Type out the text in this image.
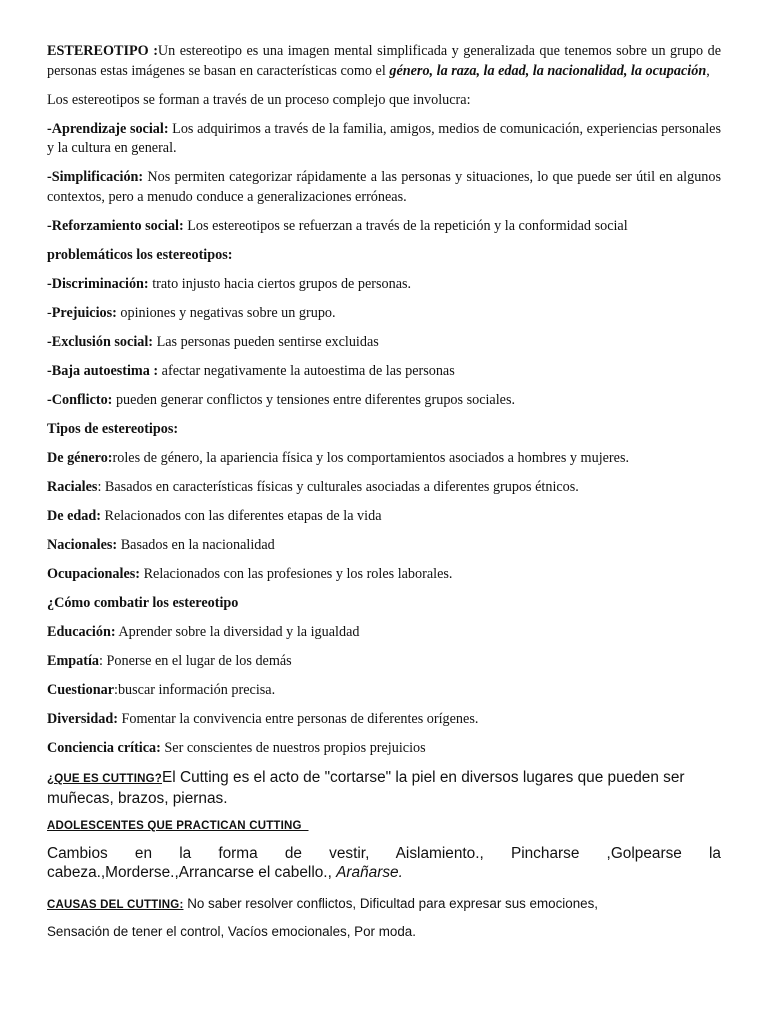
ESTEREOTIPO :Un estereotipo es una imagen mental simplificada y generalizada que tenemos sobre un grupo de personas estas imágenes se basan en características como el género, la raza, la edad, la nacionalidad, la ocupación,

Los estereotipos se forman a través de un proceso complejo que involucra:

-Aprendizaje social: Los adquirimos a través de la familia, amigos, medios de comunicación, experiencias personales y la cultura en general.

-Simplificación: Nos permiten categorizar rápidamente a las personas y situaciones, lo que puede ser útil en algunos contextos, pero a menudo conduce a generalizaciones erróneas.

-Reforzamiento social: Los estereotipos se refuerzan a través de la repetición y la conformidad social

problemáticos los estereotipos:

-Discriminación: trato injusto hacia ciertos grupos de personas.

-Prejuicios: opiniones y negativas sobre un grupo.

-Exclusión social: Las personas pueden sentirse excluidas

-Baja autoestima : afectar negativamente la autoestima de las personas

-Conflicto: pueden generar conflictos y tensiones entre diferentes grupos sociales.

Tipos de estereotipos:

De género:roles de género, la apariencia física y los comportamientos asociados a hombres y mujeres.

Raciales: Basados en características físicas y culturales asociadas a diferentes grupos étnicos.

De edad: Relacionados con las diferentes etapas de la vida

Nacionales: Basados en la nacionalidad

Ocupacionales: Relacionados con las profesiones y los roles laborales.

¿Cómo combatir los estereotipo

Educación: Aprender sobre la diversidad y la igualdad

Empatía: Ponerse en el lugar de los demás

Cuestionar:buscar información precisa.

Diversidad: Fomentar la convivencia entre personas de diferentes orígenes.

Conciencia crítica: Ser conscientes de nuestros propios prejuicios

¿QUE ES CUTTING?El Cutting es el acto de "cortarse" la piel en diversos lugares que pueden ser muñecas, brazos, piernas.

ADOLESCENTES QUE PRACTICAN CUTTING

Cambios en la forma de vestir, Aislamiento., Pincharse ,Golpearse la cabeza.,Morderse.,Arrancarse el cabello., Arañarse.

CAUSAS DEL CUTTING: No saber resolver conflictos, Dificultad para expresar sus emociones,

Sensación de tener el control, Vacíos emocionales, Por moda.
